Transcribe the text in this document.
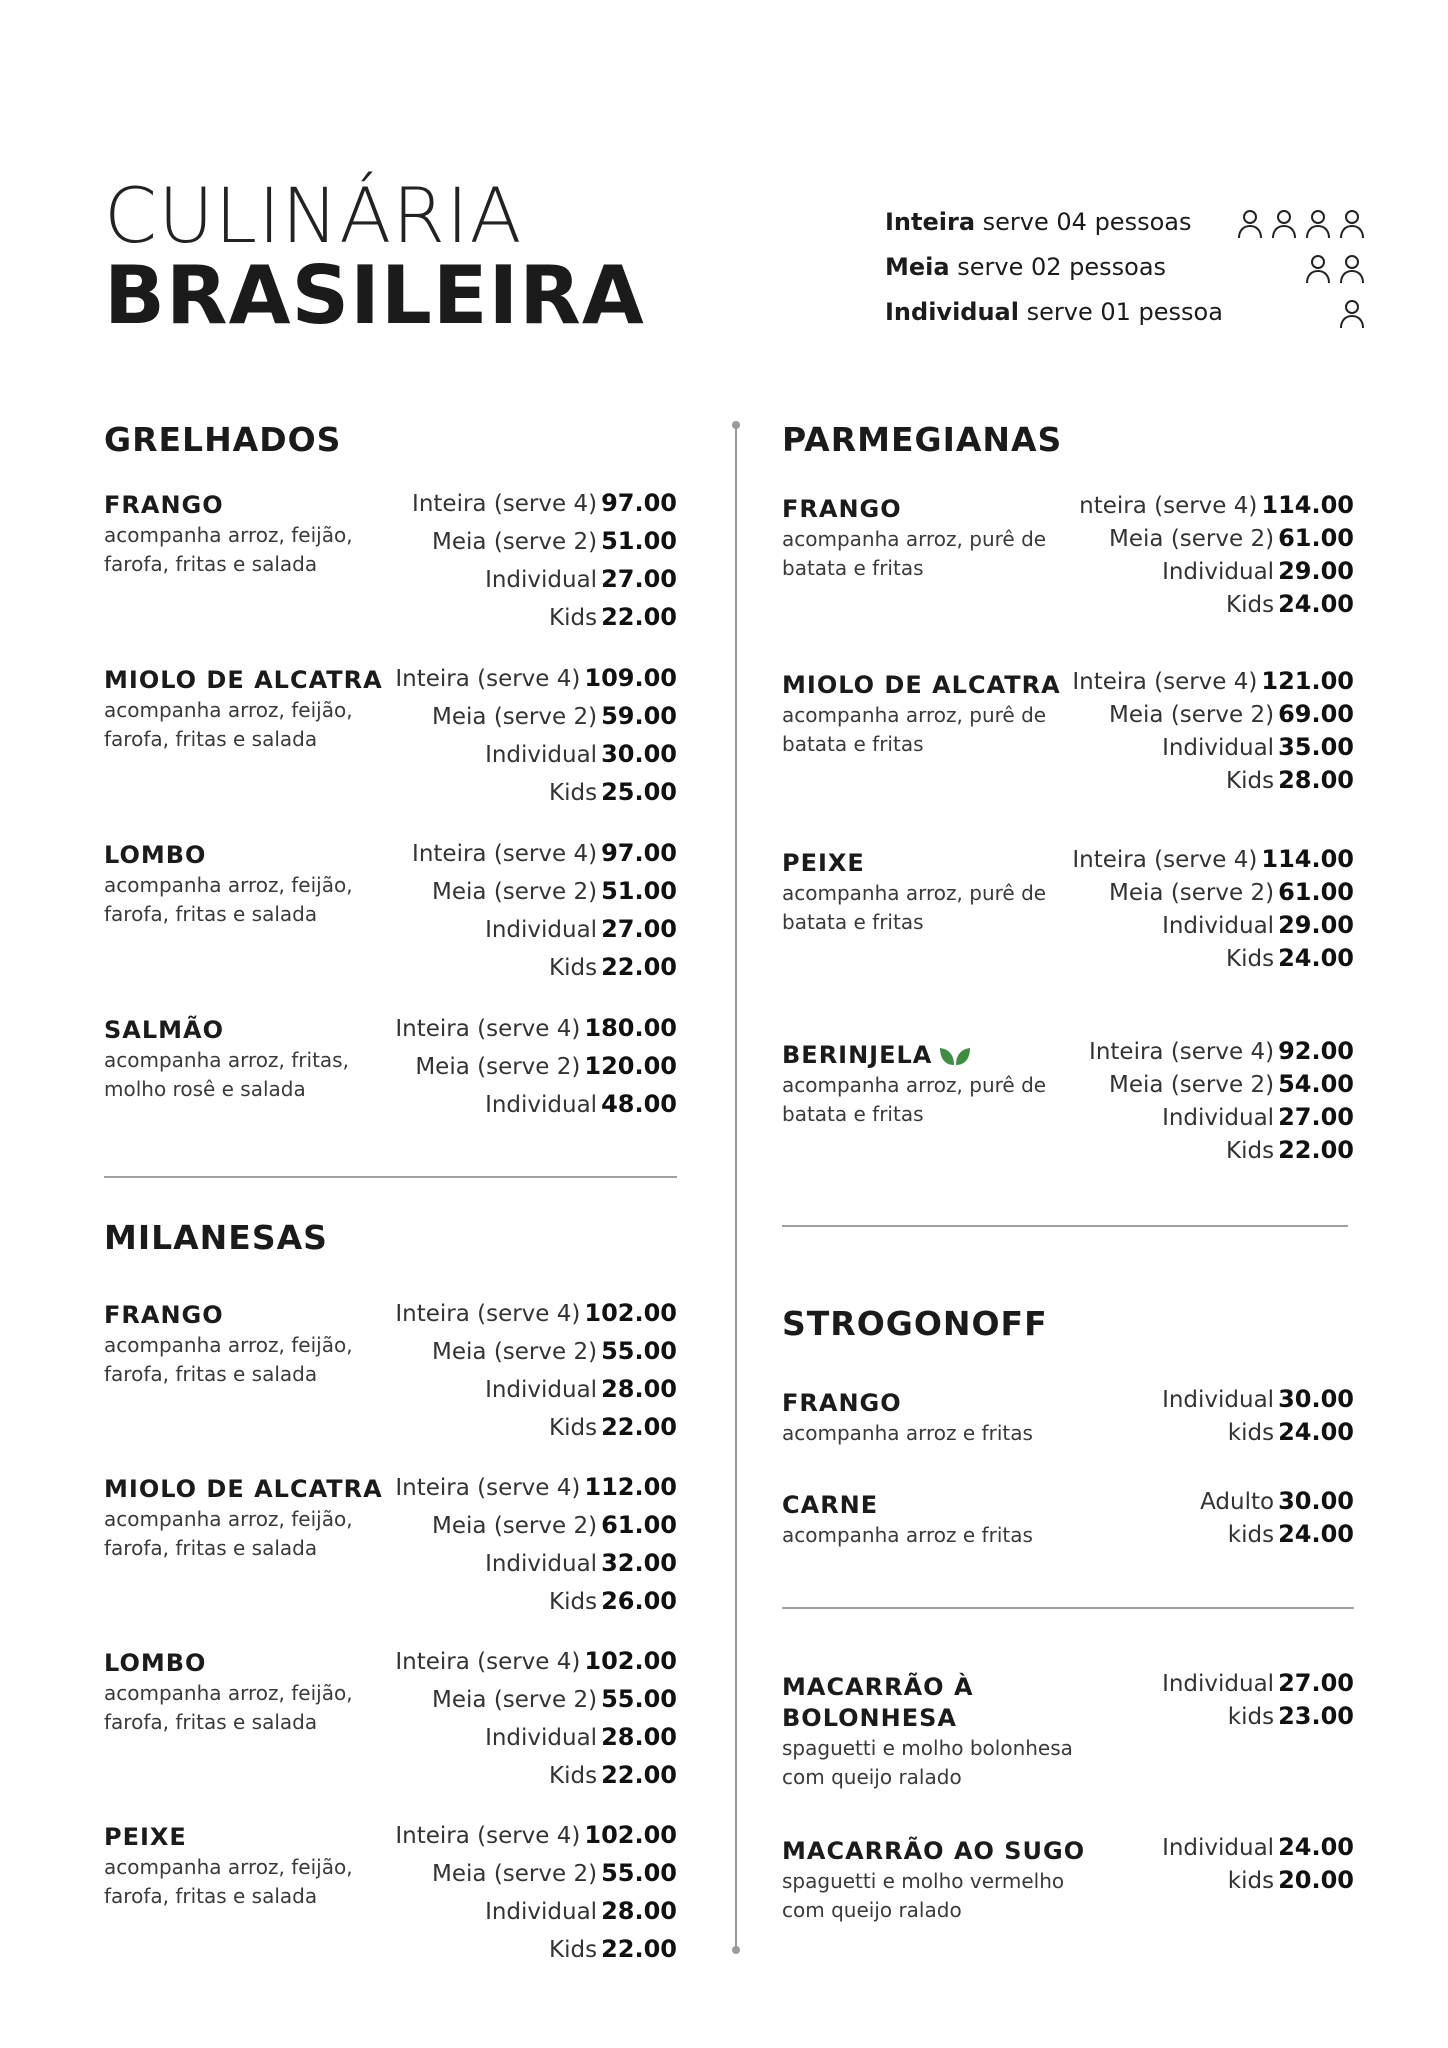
CULINÁRIA
BRASILEIRA
Inteira serve 04 pessoas
Meia serve 02 pessoas
Individual serve 01 pessoa
GRELHADOS
MILANESAS
PARMEGIANAS
STROGONOFF

FRANGO

acompanha arroz, feijão, farofa, fritas e salada

Inteira (serve 4) 97.00
Meia (serve 2) 51.00
Individual 27.00
Kids 22.00

MIOLO DE ALCATRA

acompanha arroz, feijão, farofa, fritas e salada

Inteira (serve 4) 109.00
Meia (serve 2) 59.00
Individual 30.00
Kids 25.00

LOMBO

acompanha arroz, feijão, farofa, fritas e salada

Inteira (serve 4) 97.00
Meia (serve 2) 51.00
Individual 27.00
Kids 22.00

SALMÃO

acompanha arroz, fritas, molho rosê e salada

Inteira (serve 4) 180.00
Meia (serve 2) 120.00
Individual 48.00

FRANGO

acompanha arroz, feijão, farofa, fritas e salada

Inteira (serve 4) 102.00
Meia (serve 2) 55.00
Individual 28.00
Kids 22.00

MIOLO DE ALCATRA

acompanha arroz, feijão, farofa, fritas e salada

Inteira (serve 4) 112.00
Meia (serve 2) 61.00
Individual 32.00
Kids 26.00

LOMBO

acompanha arroz, feijão, farofa, fritas e salada

Inteira (serve 4) 102.00
Meia (serve 2) 55.00
Individual 28.00
Kids 22.00

PEIXE

acompanha arroz, feijão, farofa, fritas e salada

Inteira (serve 4) 102.00
Meia (serve 2) 55.00
Individual 28.00
Kids 22.00

FRANGO

acompanha arroz, purê de batata e fritas

nteira (serve 4) 114.00
Meia (serve 2) 61.00
Individual 29.00
Kids 24.00

MIOLO DE ALCATRA

acompanha arroz, purê de batata e fritas

Inteira (serve 4) 121.00
Meia (serve 2) 69.00
Individual 35.00
Kids 28.00

PEIXE

acompanha arroz, purê de batata e fritas

Inteira (serve 4) 114.00
Meia (serve 2) 61.00
Individual 29.00
Kids 24.00

BERINJELA

acompanha arroz, purê de batata e fritas

Inteira (serve 4) 92.00
Meia (serve 2) 54.00
Individual 27.00
Kids 22.00

FRANGO

acompanha arroz e fritas

Individual 30.00
kids 24.00

CARNE

acompanha arroz e fritas

Adulto 30.00
kids 24.00

MACARRÃO À BOLONHESA

spaguetti e molho bolonhesa com queijo ralado

Individual 27.00
kids 23.00

MACARRÃO AO SUGO

spaguetti e molho vermelho com queijo ralado

Individual 24.00
kids 20.00
